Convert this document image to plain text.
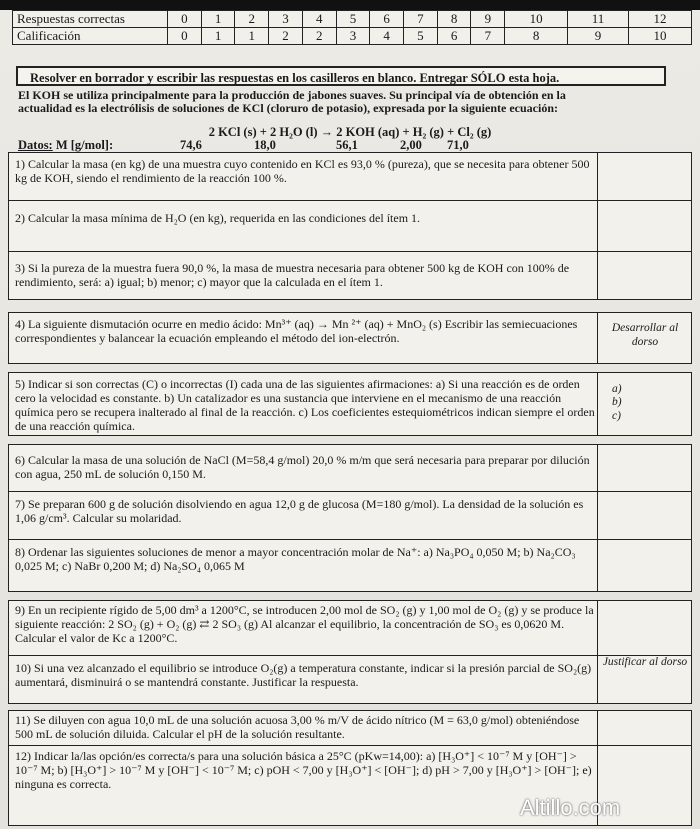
Respuestas correctas	0	1	2	3	4	5	6	7	8	9	10	11	12
Calificación	0	1	1	2	2	3	4	5	6	7	8	9	10
Resolver en borrador y escribir las respuestas en los casilleros en blanco. Entregar SÓLO esta hoja.
El KOH se utiliza principalmente para la producción de jabones suaves. Su principal vía de obtención en la
actualidad es la electrólisis de soluciones de KCl (cloruro de potasio), expresada por la siguiente ecuación:
2 KCl (s) + 2 H₂O (l) → 2 KOH (aq) + H₂ (g) + Cl₂ (g)
Datos: M [g/mol]:	74,6	18,0	56,1	2,00 71,0
1) Calcular la masa (en kg) de una muestra cuyo contenido en KCl es 93,0 % (pureza), que se necesita para obtener 500 kg de KOH, siendo el rendimiento de la reacción 100 %.
2) Calcular la masa mínima de H₂O (en kg), requerida en las condiciones del ítem 1.
3) Si la pureza de la muestra fuera 90,0 %, la masa de muestra necesaria para obtener 500 kg de KOH con 100% de rendimiento, será: a) igual; b) menor; c) mayor que la calculada en el ítem 1.
4) La siguiente dismutación ocurre en medio ácido: Mn³⁺ (aq) → Mn ²⁺ (aq) + MnO₂ (s) Escribir las semiecuaciones correspondientes y balancear la ecuación empleando el método del ion-electrón.
Desarrollar al dorso
5) Indicar si son correctas (C) o incorrectas (I) cada una de las siguientes afirmaciones: a) Si una reacción es de orden cero la velocidad es constante. b) Un catalizador es una sustancia que interviene en el mecanismo de una reacción química pero se recupera inalterado al final de la reacción. c) Los coeficientes estequiométricos indican siempre el orden de una reacción química.
a)
b)
c)
6) Calcular la masa de una solución de NaCl (M=58,4 g/mol) 20,0 % m/m que será necesaria para preparar por dilución con agua, 250 mL de solución 0,150 M.
7) Se preparan 600 g de solución disolviendo en agua 12,0 g de glucosa (M=180 g/mol). La densidad de la solución es 1,06 g/cm³. Calcular su molaridad.
8) Ordenar las siguientes soluciones de menor a mayor concentración molar de Na⁺: a) Na₃PO₄ 0,050 M; b) Na₂CO₃ 0,025 M; c) NaBr 0,200 M; d) Na₂SO₄ 0,065 M
9) En un recipiente rígido de 5,00 dm³ a 1200°C, se introducen 2,00 mol de SO₂ (g) y 1,00 mol de O₂ (g) y se produce la siguiente reacción: 2 SO₂ (g) + O₂ (g) ⇄ 2 SO₃ (g) Al alcanzar el equilibrio, la concentración de SO₃ es 0,0620 M. Calcular el valor de Kc a 1200°C.
10) Si una vez alcanzado el equilibrio se introduce O₂(g) a temperatura constante, indicar si la presión parcial de SO₂(g) aumentará, disminuirá o se mantendrá constante. Justificar la respuesta.
Justificar al dorso
11) Se diluyen con agua 10,0 mL de una solución acuosa 3,00 % m/V de ácido nítrico (M = 63,0 g/mol) obteniéndose 500 mL de solución diluida. Calcular el pH de la solución resultante.
12) Indicar la/las opción/es correcta/s para una solución básica a 25°C (pKw=14,00): a) [H₃O⁺] < 10⁻⁷ M y [OH⁻] > 10⁻⁷ M; b) [H₃O⁺] > 10⁻⁷ M y [OH⁻] < 10⁻⁷ M; c) pOH < 7,00 y [H₃O⁺] < [OH⁻]; d) pH > 7,00 y [H₃O⁺] > [OH⁻]; e) ninguna es correcta.
Altillo.com
